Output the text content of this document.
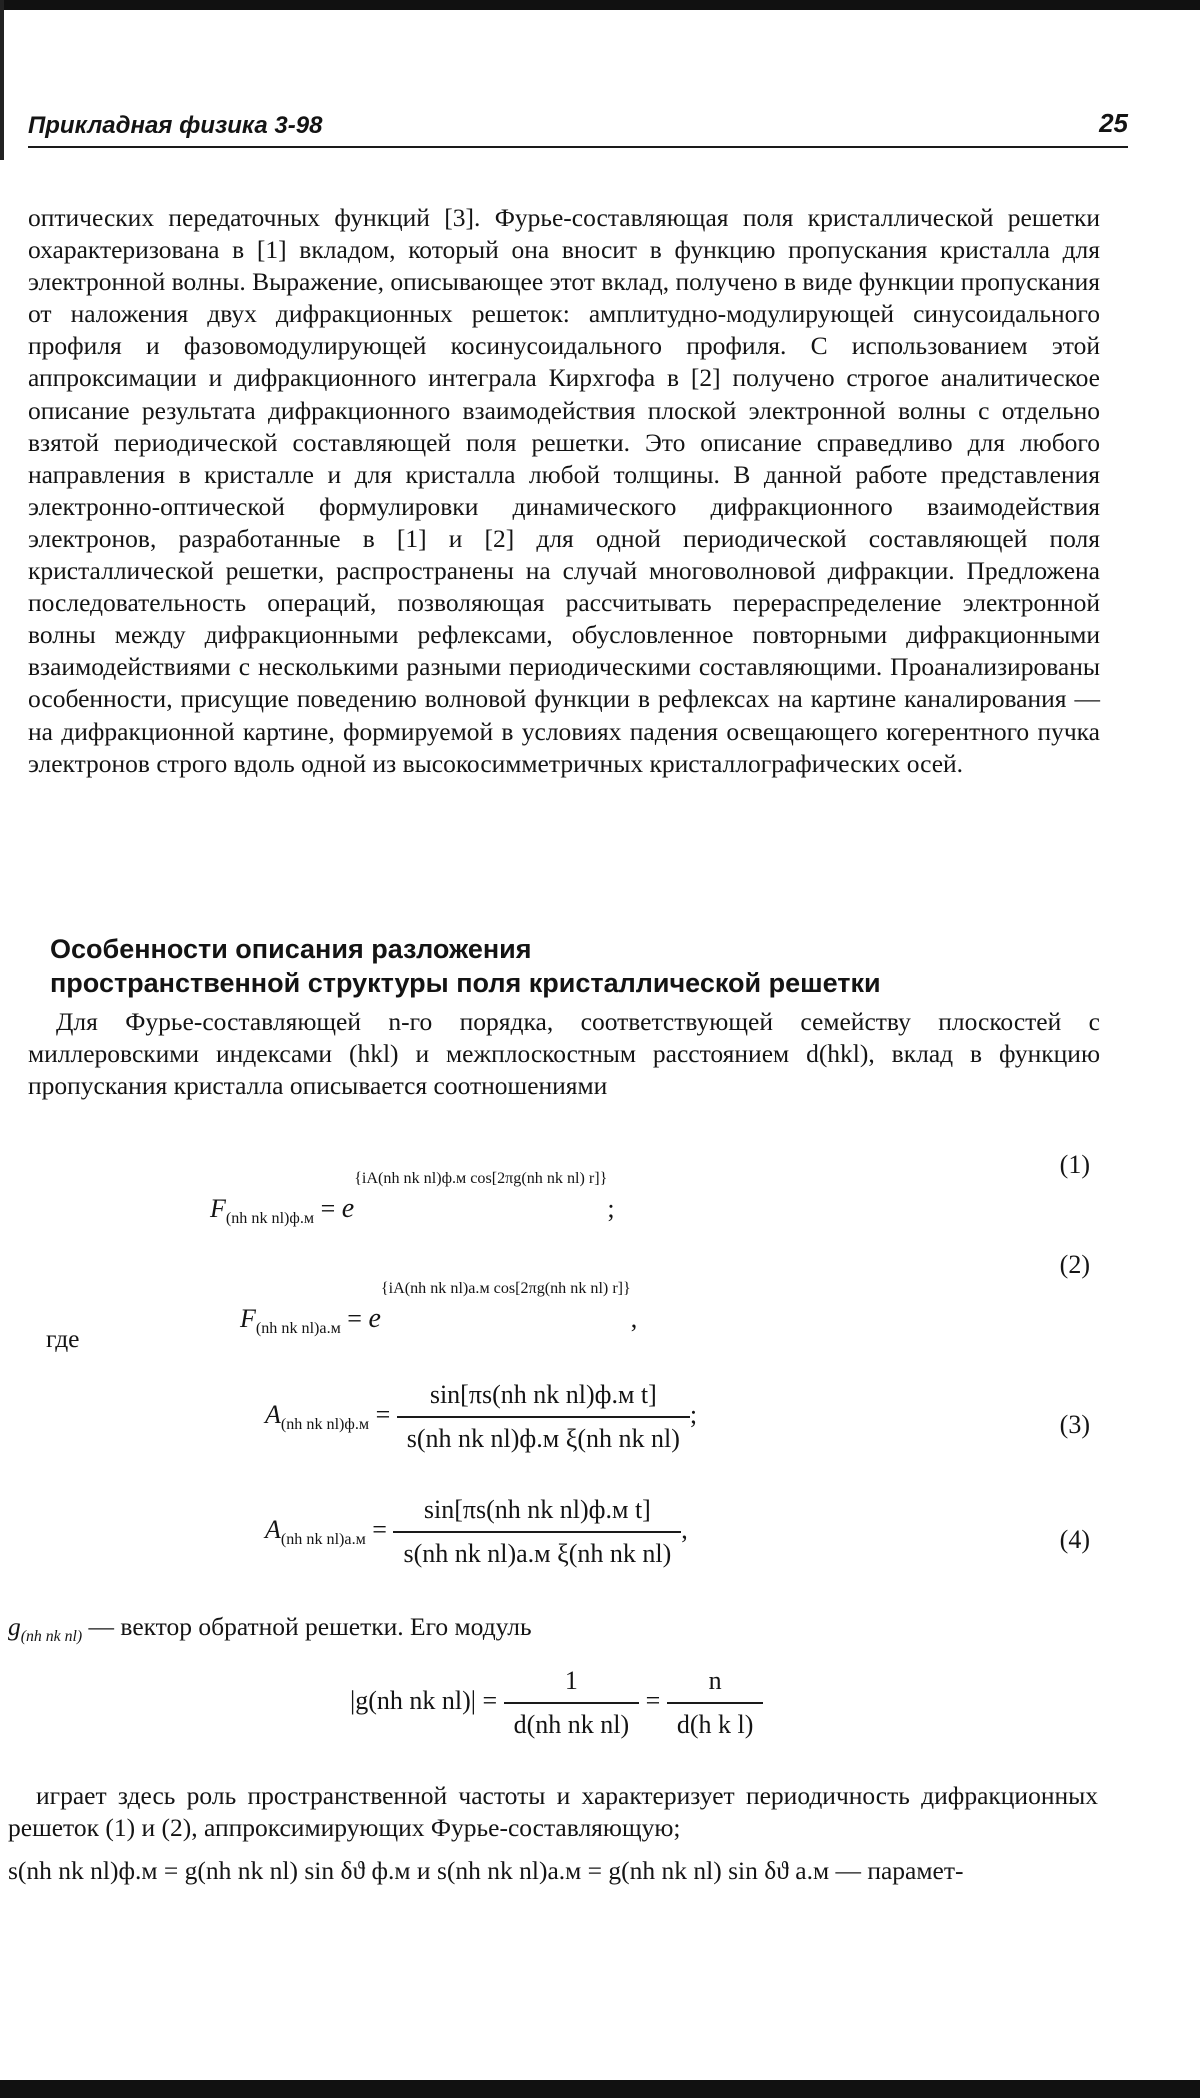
Прикладная физика 3-98	25

оптических передаточных функций [3]. Фурье-составляющая поля кристаллической решетки охарактеризована в [1] вкладом, который она вносит в функцию пропускания кристалла для электронной волны. Выражение, описывающее этот вклад, получено в виде функции пропускания от наложения двух дифракционных решеток: амплитудно-модулирующей синусоидального профиля и фазовомодулирующей косинусоидального профиля. С использованием этой аппроксимации и дифракционного интеграла Кирхгофа в [2] получено строгое аналитическое описание результата дифракционного взаимодействия плоской электронной волны с отдельно взятой периодической составляющей поля решетки. Это описание справедливо для любого направления в кристалле и для кристалла любой толщины. В данной работе представления электронно-оптической формулировки динамического дифракционного взаимодействия электронов, разработанные в [1] и [2] для одной периодической составляющей поля кристаллической решетки, распространены на случай многоволновой дифракции. Предложена последовательность операций, позволяющая рассчитывать перераспределение электронной волны между дифракционными рефлексами, обусловленное повторными дифракционными взаимодействиями с несколькими разными периодическими составляющими. Проанализированы особенности, присущие поведению волновой функции в рефлексах на картине каналирования — на дифракционной картине, формируемой в условиях падения освещающего когерентного пучка электронов строго вдоль одной из высокосимметричных кристаллографических осей.

Особенности описания разложения
пространственной структуры поля кристаллической решетки

Для Фурье-составляющей n-го порядка, соответствующей семейству плоскостей с миллеровскими индексами (hkl) и межплоскостным расстоянием d(hkl), вклад в функцию пропускания кристалла описывается соотношениями

$F_{(nh nk nl)ф.м} = e\{iA(nh$ nk nl)ф.м cos[2πg(nh nk nl) r]};
(1)
$F_{(nh nk nl)а.м} = e\{iA(nh$ nk nl)а.м cos[2πg(nh nk nl) r]},
(2)
где
$A_{(nh nk nl)ф.м} = \frac{\text{sin[πs(nh nk nl)ф.м t]}}{\text{s(nh nk nl)ф.м ξ(nh nk nl)}}$ ;	(3)
$A_{(nh nk nl)а.м} = \frac{\text{sin[πs(nh nk nl)ф.м t]}}{\text{s(nh nk nl)а.м ξ(nh nk nl)}}$ ,	(4)
$g_{(nh nk nl)}$ — вектор обратной решетки. Его модуль
|g(nh nk $nl)| = \frac{1}{\text{d(nh nk nl)}} = \frac{n}{\text{d(h k l)}}$

играет здесь роль пространственной частоты и характеризует периодичность дифракционных решеток (1) и (2), аппроксимирующих Фурье-составляющую;

s(nh nk nl)ф.м = g(nh nk nl) sin δϑ ф.м и s(nh nk nl)а.м = g(nh nk nl) sin δϑ а.м — парамет-
